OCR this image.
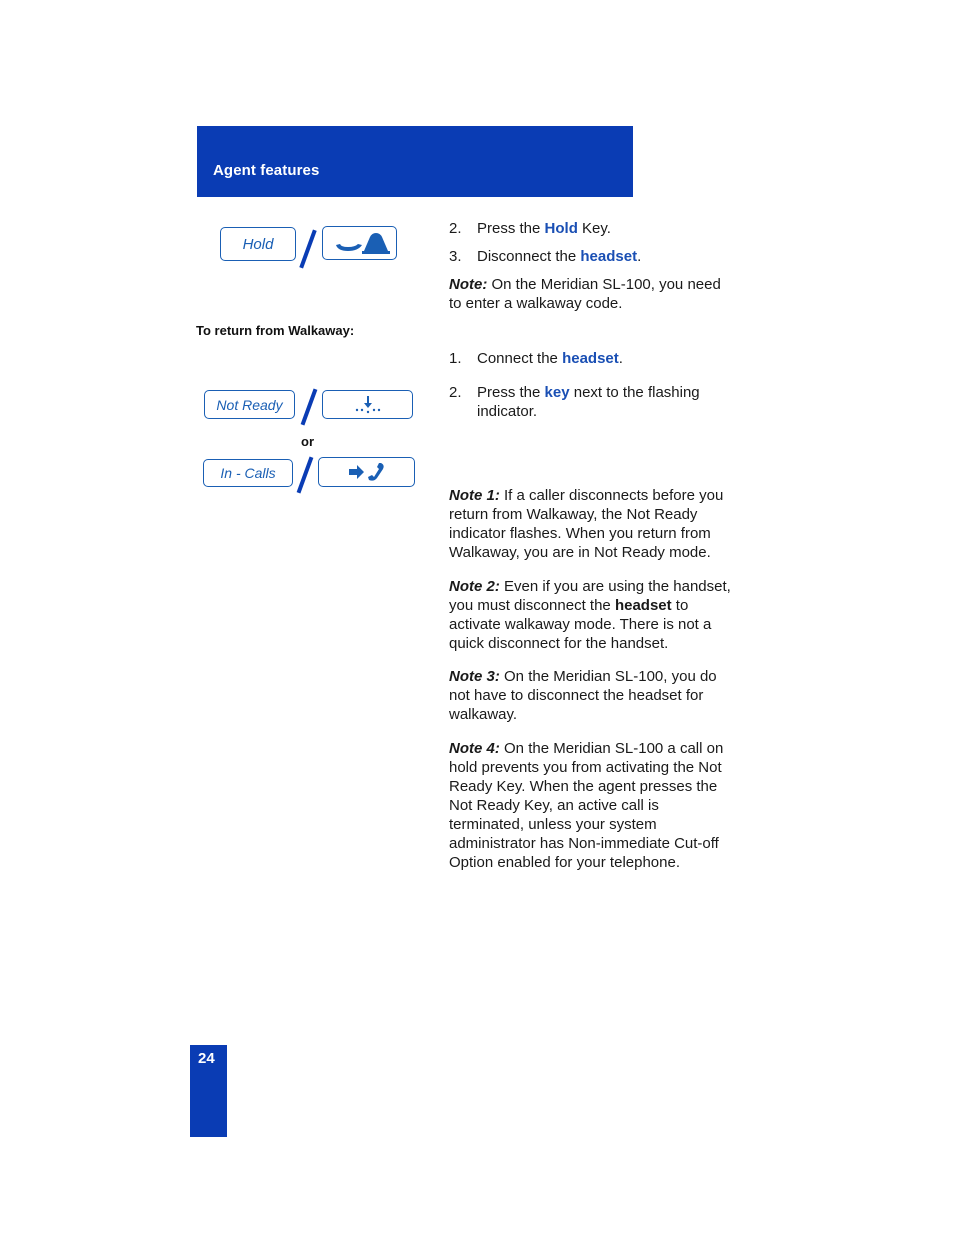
Agent features
Hold
2. Press the Hold Key.
3. Disconnect the headset.
Note: On the Meridian SL-100, you need to enter a walkaway code.
To return from Walkaway:
1. Connect the headset.
2. Press the key next to the flashing indicator.
Not Ready
or
In - Calls
Note 1: If a caller disconnects before you return from Walkaway, the Not Ready indicator flashes. When you return from Walkaway, you are in Not Ready mode.
Note 2: Even if you are using the handset, you must disconnect the headset to activate walkaway mode. There is not a quick disconnect for the handset.
Note 3: On the Meridian SL-100, you do not have to disconnect the headset for walkaway.
Note 4: On the Meridian SL-100 a call on hold prevents you from activating the Not Ready Key. When the agent presses the Not Ready Key, an active call is terminated, unless your system administrator has Non-immediate Cut-off Option enabled for your telephone.
24
